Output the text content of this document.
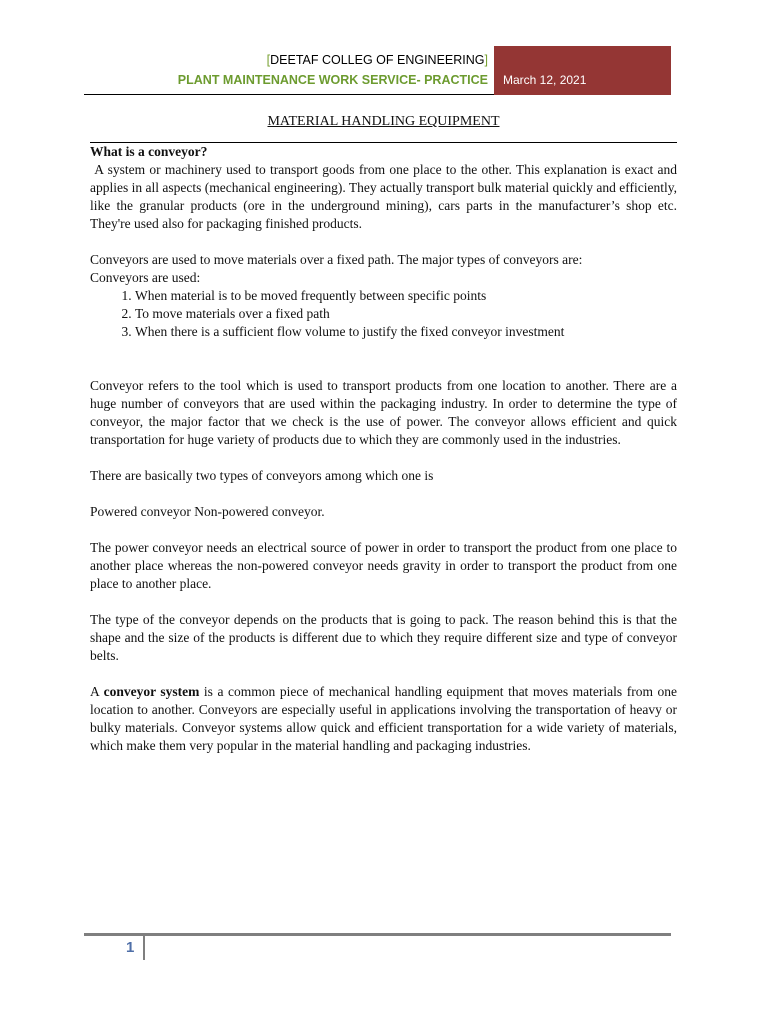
[DEETAF COLLEG OF ENGINEERING]
PLANT MAINTENANCE WORK SERVICE- PRACTICE March 12, 2021
MATERIAL HANDLING EQUIPMENT

What is a conveyor?

A system or machinery used to transport goods from one place to the other. This explanation is exact and applies in all aspects (mechanical engineering). They actually transport bulk material quickly and efficiently, like the granular products (ore in the underground mining), cars parts in the manufacturer’s shop etc. They're used also for packaging finished products.

Conveyors are used to move materials over a fixed path. The major types of conveyors are:

Conveyors are used:

1. When material is to be moved frequently between specific points
2. To move materials over a fixed path
3. When there is a sufficient flow volume to justify the fixed conveyor investment

Conveyor refers to the tool which is used to transport products from one location to another. There are a huge number of conveyors that are used within the packaging industry. In order to determine the type of conveyor, the major factor that we check is the use of power. The conveyor allows efficient and quick transportation for huge variety of products due to which they are commonly used in the industries.

There are basically two types of conveyors among which one is

Powered conveyor Non-powered conveyor.

The power conveyor needs an electrical source of power in order to transport the product from one place to another place whereas the non-powered conveyor needs gravity in order to transport the product from one place to another place.

The type of the conveyor depends on the products that is going to pack. The reason behind this is that the shape and the size of the products is different due to which they require different size and type of conveyor belts.

A conveyor system is a common piece of mechanical handling equipment that moves materials from one location to another. Conveyors are especially useful in applications involving the transportation of heavy or bulky materials. Conveyor systems allow quick and efficient transportation for a wide variety of materials, which make them very popular in the material handling and packaging industries.

1
